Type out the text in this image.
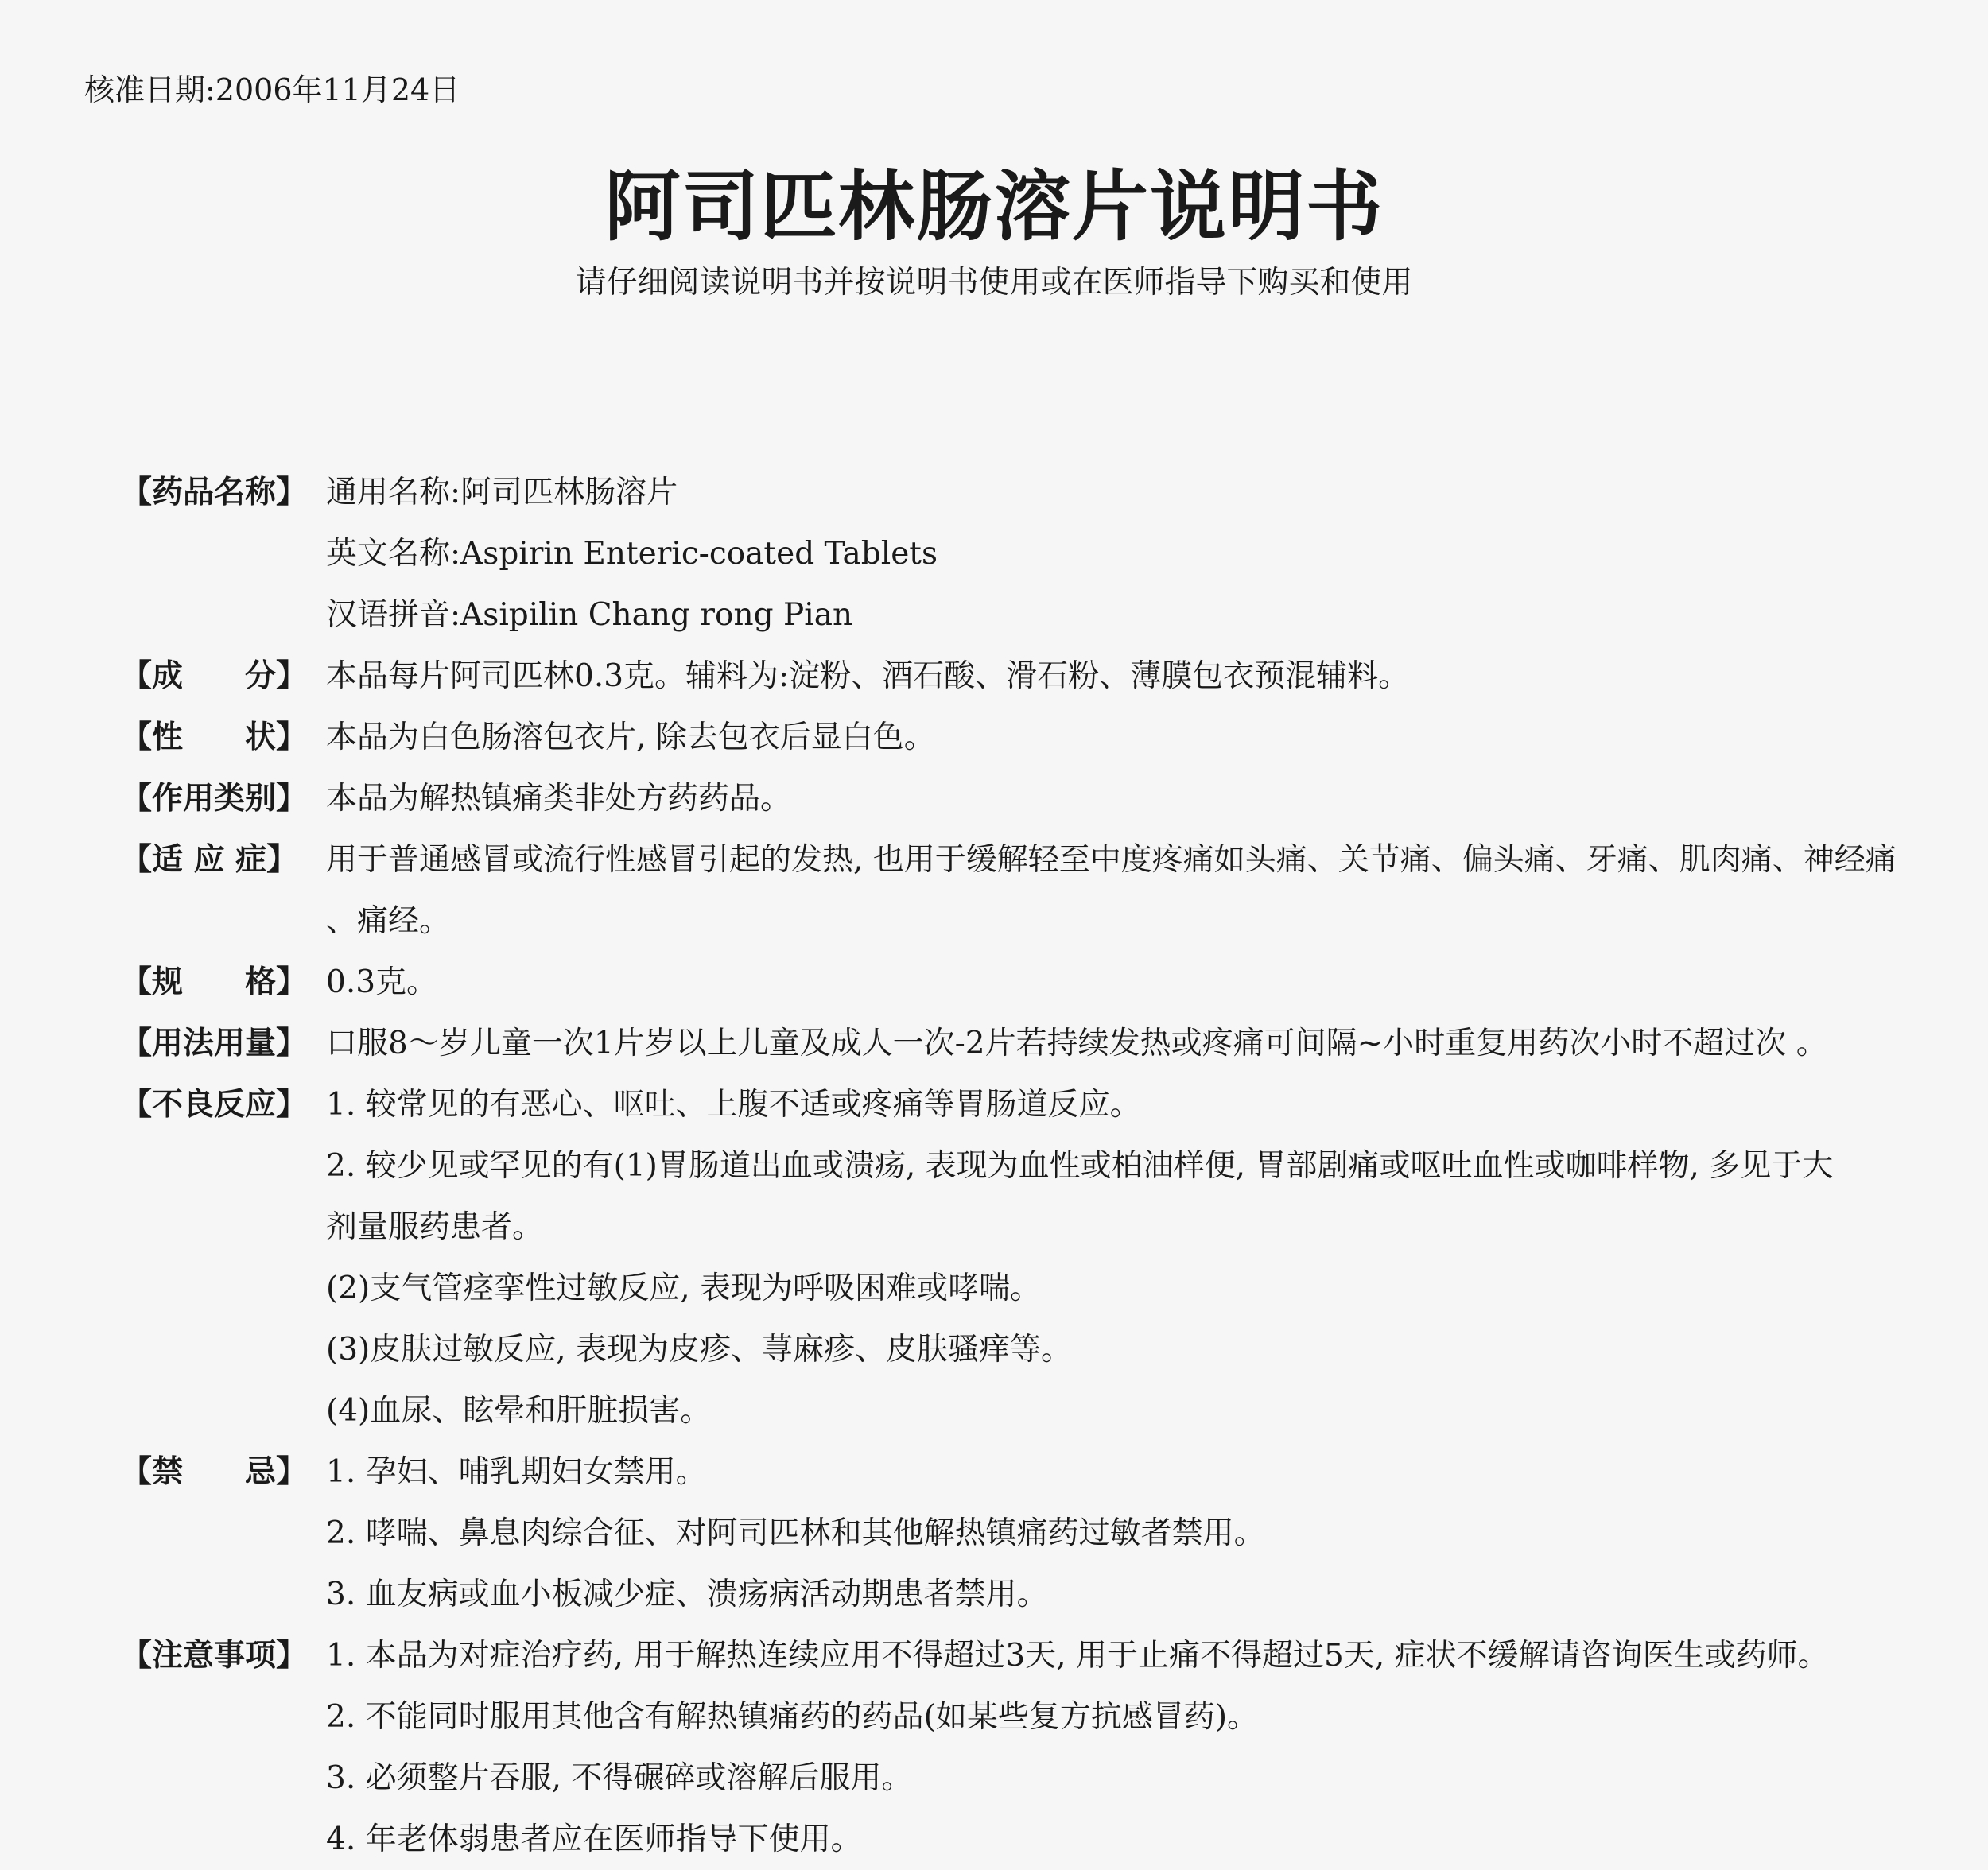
核准日期:2006年11月24日
阿司匹林肠溶片说明书
请仔细阅读说明书并按说明书使用或在医师指导下购买和使用
【药品名称】 通用名称:阿司匹林肠溶片
英文名称:Aspirin Enteric-coated Tablets
汉语拼音:Asipilin Chang rong Pian
【成　　分】 本品每片阿司匹林0.3克。辅料为:淀粉、酒石酸、滑石粉、薄膜包衣预混辅料。
【性　　状】 本品为白色肠溶包衣片, 除去包衣后显白色。
【作用类别】 本品为解热镇痛类非处方药药品。
【适 应 症】 用于普通感冒或流行性感冒引起的发热, 也用于缓解轻至中度疼痛如头痛、关节痛、偏头痛、牙痛、肌肉痛、神经痛
、痛经。
【规　　格】 0.3克。
【用法用量】 口服8～岁儿童一次1片岁以上儿童及成人一次-2片若持续发热或疼痛可间隔~小时重复用药次小时不超过次 。
【不良反应】 1. 较常见的有恶心、呕吐、上腹不适或疼痛等胃肠道反应。
2. 较少见或罕见的有(1)胃肠道出血或溃疡, 表现为血性或柏油样便, 胃部剧痛或呕吐血性或咖啡样物, 多见于大
剂量服药患者。
(2)支气管痉挛性过敏反应, 表现为呼吸困难或哮喘。
(3)皮肤过敏反应, 表现为皮疹、荨麻疹、皮肤骚痒等。
(4)血尿、眩晕和肝脏损害。
【禁　　忌】 1. 孕妇、哺乳期妇女禁用。
2. 哮喘、鼻息肉综合征、对阿司匹林和其他解热镇痛药过敏者禁用。
3. 血友病或血小板减少症、溃疡病活动期患者禁用。
【注意事项】 1. 本品为对症治疗药, 用于解热连续应用不得超过3天, 用于止痛不得超过5天, 症状不缓解请咨询医生或药师。
2. 不能同时服用其他含有解热镇痛药的药品(如某些复方抗感冒药)。
3. 必须整片吞服, 不得碾碎或溶解后服用。
4. 年老体弱患者应在医师指导下使用。
